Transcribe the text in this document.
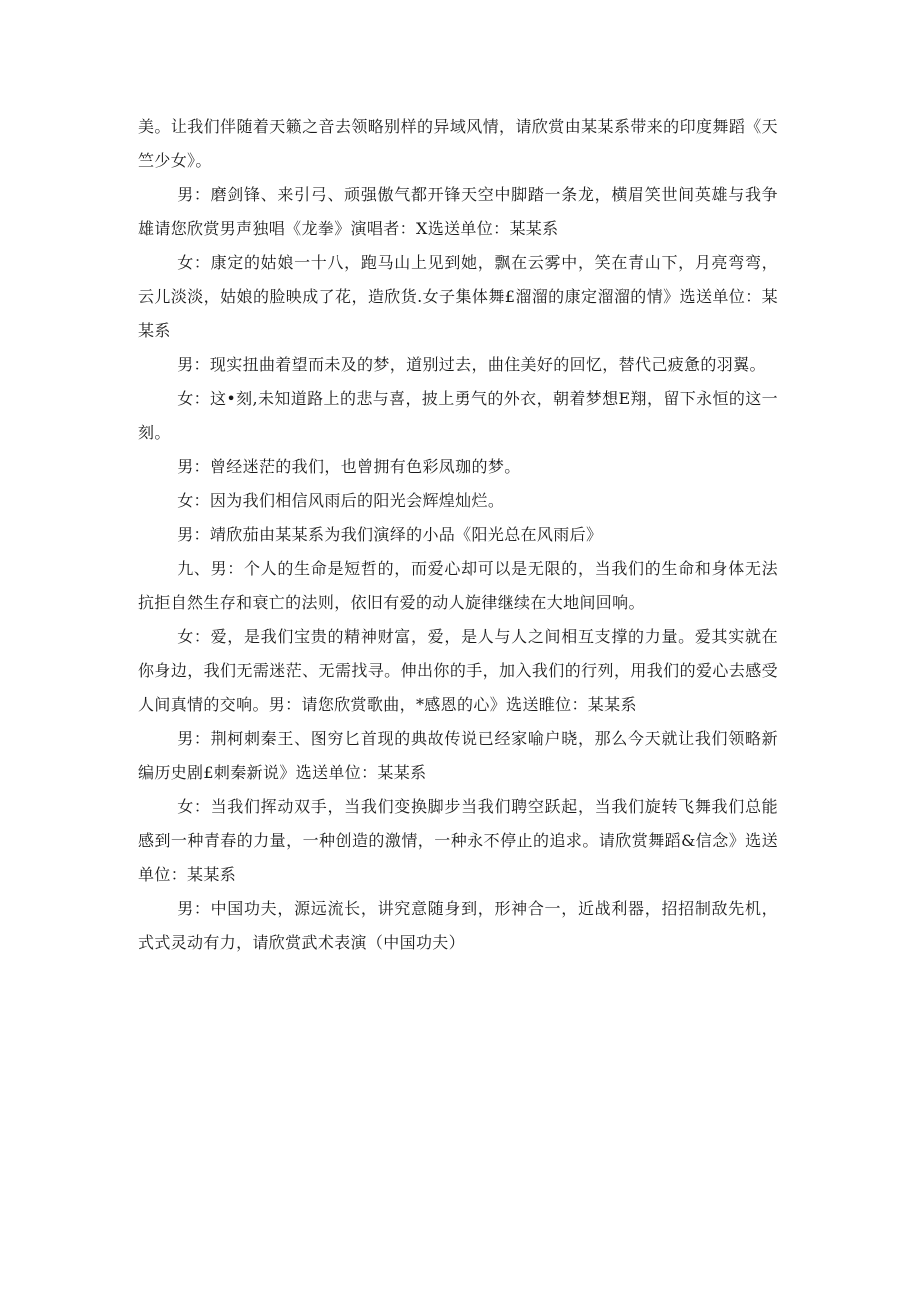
美。让我们伴随着天籁之音去领略别样的异域风情，请欣赏由某某系带来的印度舞蹈《天竺少女》。

男：磨剑锋、来引弓、顽强傲气都开锋天空中脚踏一条龙，横眉笑世间英雄与我争雄请您欣赏男声独唱《龙拳》演唱者：X选送单位：某某系

女：康定的姑娘一十八，跑马山上见到她，飘在云雾中，笑在青山下，月亮弯弯，云儿淡淡，姑娘的脸映成了花，造欣货.女子集体舞£溜溜的康定溜溜的情》选送单位：某某系

男：现实扭曲着望而未及的梦，道别过去，曲住美好的回忆，替代己疲惫的羽翼。

女：这•刻,未知道路上的悲与喜，披上勇气的外衣，朝着梦想E翔，留下永恒的这一刻。

男：曾经迷茫的我们，也曾拥有色彩凤珈的梦。

女：因为我们相信风雨后的阳光会辉煌灿烂。

男：靖欣茄由某某系为我们演绎的小品《阳光总在风雨后》

九、男：个人的生命是短哲的，而爱心却可以是无限的，当我们的生命和身体无法抗拒自然生存和衰亡的法则，依旧有爱的动人旋律继续在大地间回响。

女：爱，是我们宝贵的精神财富，爱，是人与人之间相互支撑的力量。爱其实就在你身边，我们无需迷茫、无需找寻。伸出你的手，加入我们的行列，用我们的爱心去感受人间真情的交响。男：请您欣赏歌曲，*感恩的心》选送睢位：某某系

男：荆柯刺秦王、图穷匕首现的典故传说已经家喻户晓，那么今天就让我们领略新编历史剧£刺秦新说》选送单位：某某系

女：当我们挥动双手，当我们变换脚步当我们聘空跃起，当我们旋转飞舞我们总能感到一种青春的力量，一种创造的激情，一种永不停止的追求。请欣赏舞蹈&信念》选送单位：某某系

男：中国功夫，源远流长，讲究意随身到，形神合一，近战利器，招招制敌先机，式式灵动有力，请欣赏武术表演（中国功夫）
